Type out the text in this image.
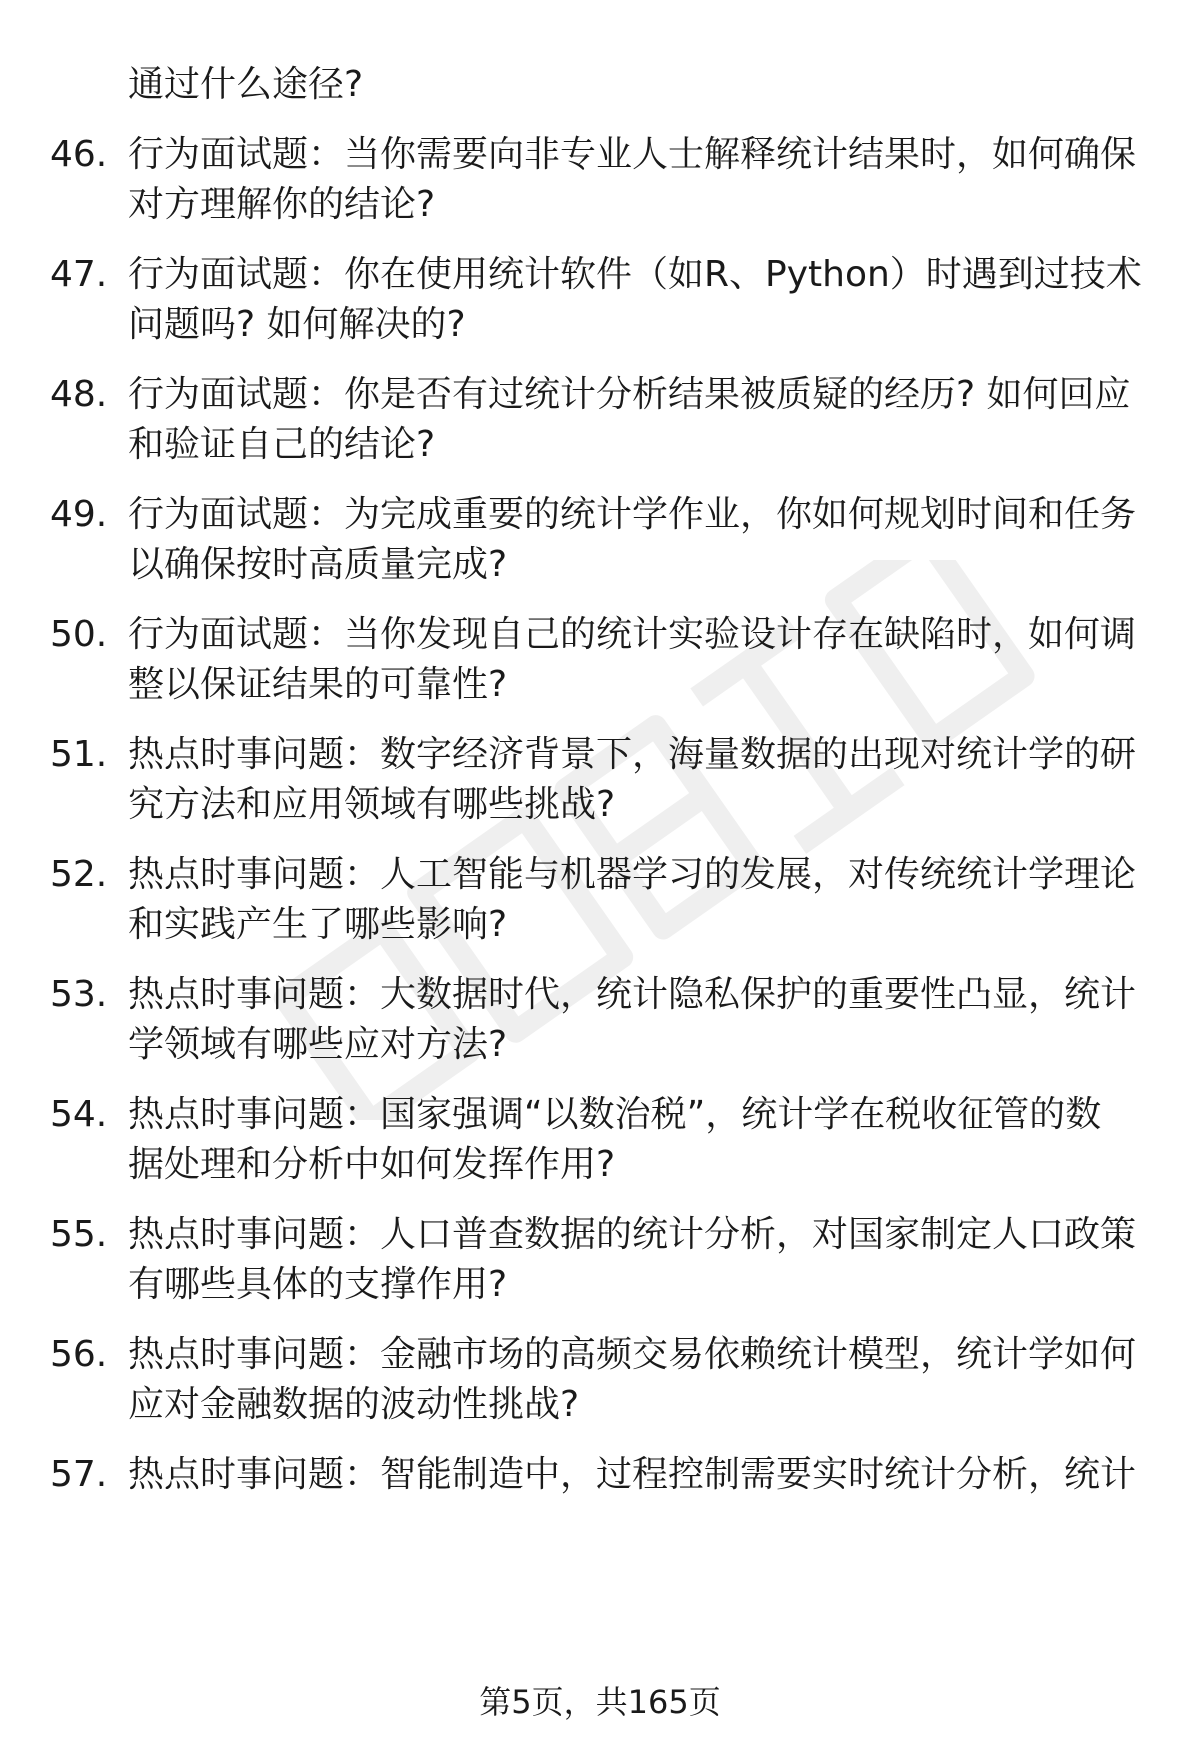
通过什么途径?
46. 行为面试题：当你需要向非专业人士解释统计结果时，如何确保
对方理解你的结论?
47. 行为面试题：你在使用统计软件（如R、Python）时遇到过技术
问题吗? 如何解决的?
48. 行为面试题：你是否有过统计分析结果被质疑的经历? 如何回应
和验证自己的结论?
49. 行为面试题：为完成重要的统计学作业，你如何规划时间和任务
以确保按时高质量完成?
50. 行为面试题：当你发现自己的统计实验设计存在缺陷时，如何调
整以保证结果的可靠性?
51. 热点时事问题：数字经济背景下，海量数据的出现对统计学的研
究方法和应用领域有哪些挑战?
52. 热点时事问题：人工智能与机器学习的发展，对传统统计学理论
和实践产生了哪些影响?
53. 热点时事问题：大数据时代，统计隐私保护的重要性凸显，统计
学领域有哪些应对方法?
54. 热点时事问题：国家强调“以数治税”，统计学在税收征管的数
据处理和分析中如何发挥作用?
55. 热点时事问题：人口普查数据的统计分析，对国家制定人口政策
有哪些具体的支撑作用?
56. 热点时事问题：金融市场的高频交易依赖统计模型，统计学如何
应对金融数据的波动性挑战?
57. 热点时事问题：智能制造中，过程控制需要实时统计分析，统计
第5页，共165页
